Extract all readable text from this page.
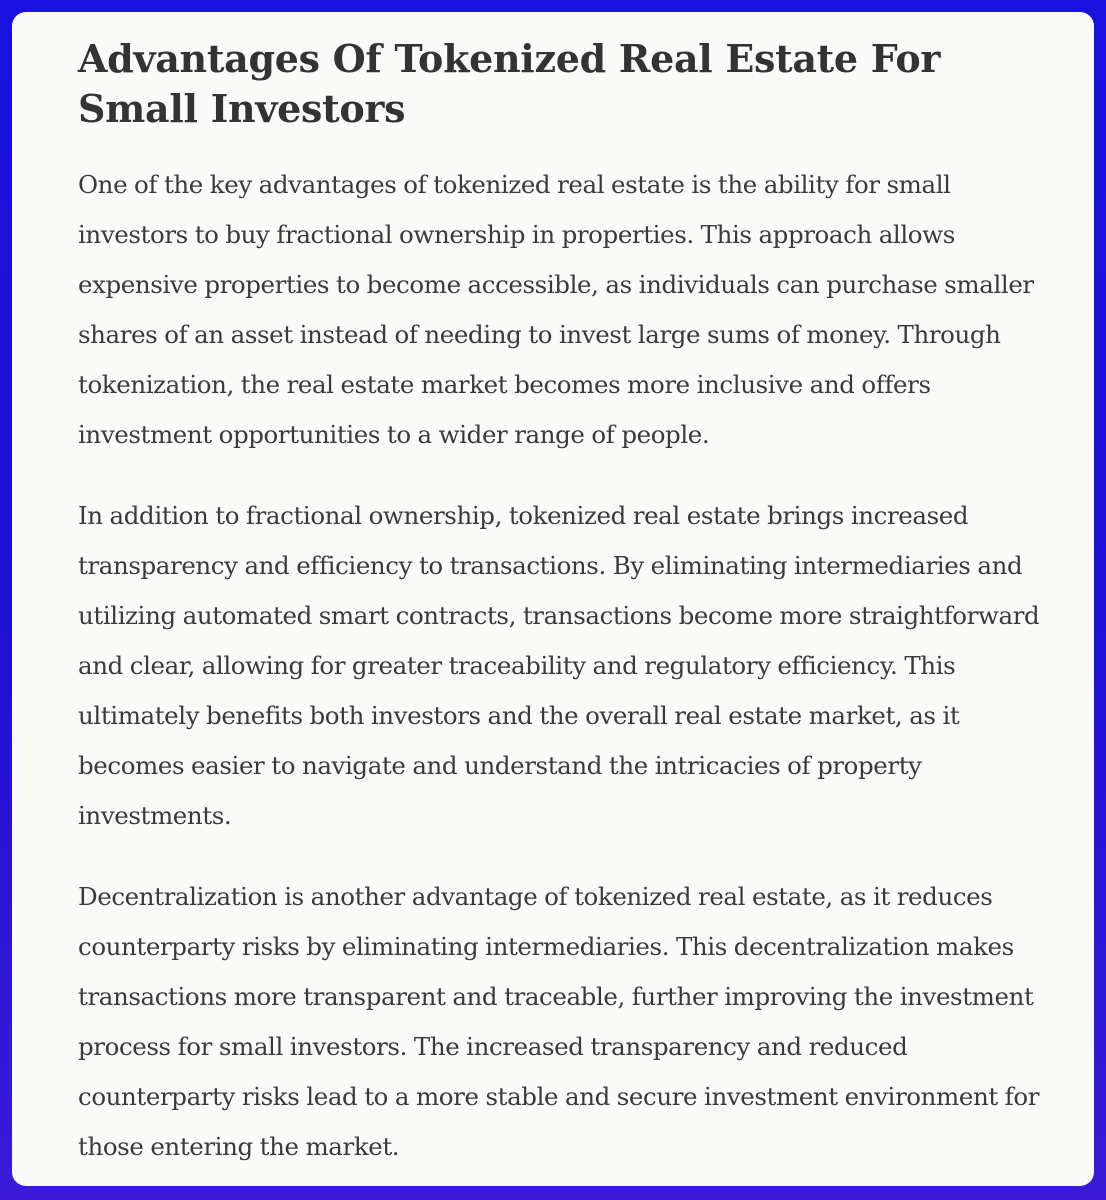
Advantages Of Tokenized Real Estate For Small Investors

One of the key advantages of tokenized real estate is the ability for small investors to buy fractional ownership in properties. This approach allows expensive properties to become accessible, as individuals can purchase smaller shares of an asset instead of needing to invest large sums of money. Through tokenization, the real estate market becomes more inclusive and offers investment opportunities to a wider range of people.

In addition to fractional ownership, tokenized real estate brings increased transparency and efficiency to transactions. By eliminating intermediaries and utilizing automated smart contracts, transactions become more straightforward and clear, allowing for greater traceability and regulatory efficiency. This ultimately benefits both investors and the overall real estate market, as it becomes easier to navigate and understand the intricacies of property investments.

Decentralization is another advantage of tokenized real estate, as it reduces counterparty risks by eliminating intermediaries. This decentralization makes transactions more transparent and traceable, further improving the investment process for small investors. The increased transparency and reduced counterparty risks lead to a more stable and secure investment environment for those entering the market.
